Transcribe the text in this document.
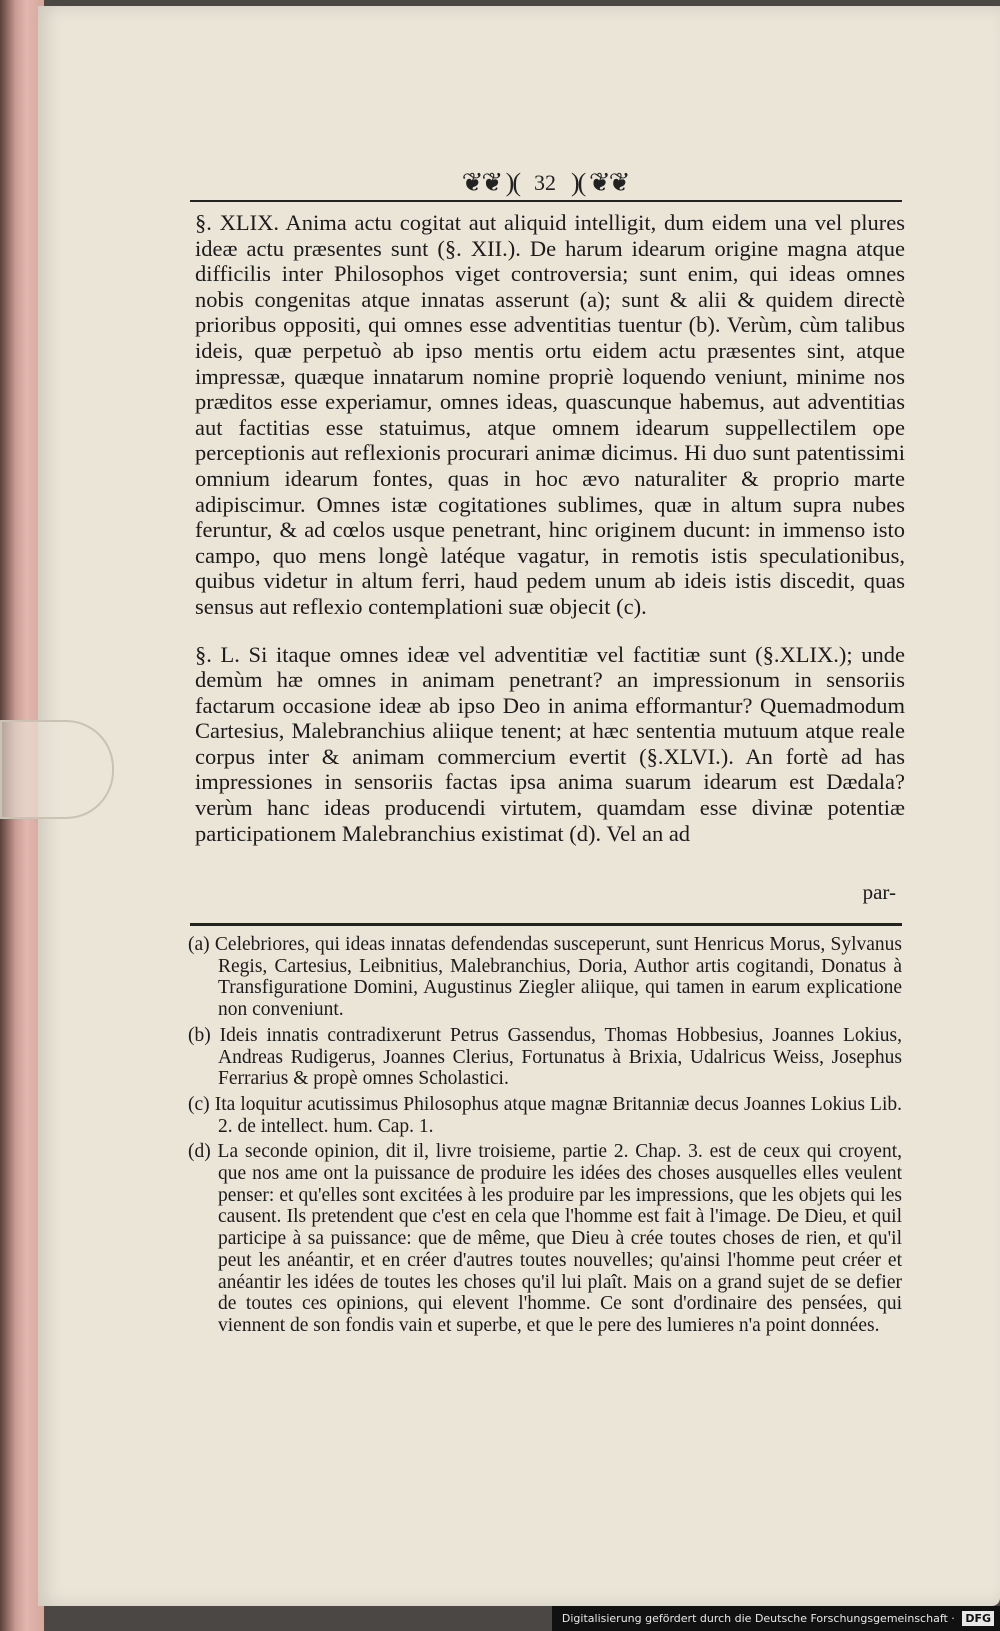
❦❦ )( 32 )( ❦❦

§. XLIX. Anima actu cogitat aut aliquid intelligit, dum eidem una vel plures ideæ actu præsentes sunt (§. XII.). De harum idearum origine magna atque difficilis inter Philosophos viget controversia; sunt enim, qui ideas omnes nobis congenitas atque innatas asserunt (a); sunt & alii & quidem directè prioribus oppositi, qui omnes esse adventitias tuentur (b). Verùm, cùm talibus ideis, quæ perpetuò ab ipso mentis ortu eidem actu præsentes sint, atque impressæ, quæque innatarum nomine propriè loquendo veniunt, minime nos præditos esse experiamur, omnes ideas, quascunque habemus, aut adventitias aut factitias esse statuimus, atque omnem idearum suppellectilem ope perceptionis aut reflexionis procurari animæ dicimus. Hi duo sunt patentissimi omnium idearum fontes, quas in hoc ævo naturaliter & proprio marte adipiscimur. Omnes istæ cogitationes sublimes, quæ in altum supra nubes feruntur, & ad cœlos usque penetrant, hinc originem ducunt: in immenso isto campo, quo mens longè latéque vagatur, in remotis istis speculationibus, quibus videtur in altum ferri, haud pedem unum ab ideis istis discedit, quas sensus aut reflexio contemplationi suæ objecit (c).

§. L. Si itaque omnes ideæ vel adventitiæ vel factitiæ sunt (§.XLIX.); unde demùm hæ omnes in animam penetrant? an impressionum in sensoriis factarum occasione ideæ ab ipso Deo in anima efformantur? Quemadmodum Cartesius, Malebranchius aliique tenent; at hæc sententia mutuum atque reale corpus inter & animam commercium evertit (§.XLVI.). An fortè ad has impressiones in sensoriis factas ipsa anima suarum idearum est Dædala? verùm hanc ideas producendi virtutem, quamdam esse divinæ potentiæ participationem Malebranchius existimat (d). Vel an ad

par-

(a) Celebriores, qui ideas innatas defendendas susceperunt, sunt Henricus Morus, Sylvanus Regis, Cartesius, Leibnitius, Malebranchius, Doria, Author artis cogitandi, Donatus à Transfiguratione Domini, Augustinus Ziegler aliique, qui tamen in earum explicatione non conveniunt.

(b) Ideis innatis contradixerunt Petrus Gassendus, Thomas Hobbesius, Joannes Lokius, Andreas Rudigerus, Joannes Clerius, Fortunatus à Brixia, Udalricus Weiss, Josephus Ferrarius & propè omnes Scholastici.

(c) Ita loquitur acutissimus Philosophus atque magnæ Britanniæ decus Joannes Lokius Lib. 2. de intellect. hum. Cap. 1.

(d) La seconde opinion, dit il, livre troisieme, partie 2. Chap. 3. est de ceux qui croyent, que nos ame ont la puissance de produire les idées des choses ausquelles elles veulent penser: et qu'elles sont excitées à les produire par les impressions, que les objets qui les causent. Ils pretendent que c'est en cela que l'homme est fait à l'image. De Dieu, et quil participe à sa puissance: que de même, que Dieu à crée toutes choses de rien, et qu'il peut les anéantir, et en créer d'autres toutes nouvelles; qu'ainsi l'homme peut créer et anéantir les idées de toutes les choses qu'il lui plaît. Mais on a grand sujet de se defier de toutes ces opinions, qui elevent l'homme. Ce sont d'ordinaire des pensées, qui viennent de son fondis vain et superbe, et que le pere des lumieres n'a point données.

Digitalisierung gefördert durch die Deutsche Forschungsgemeinschaft · DFG
